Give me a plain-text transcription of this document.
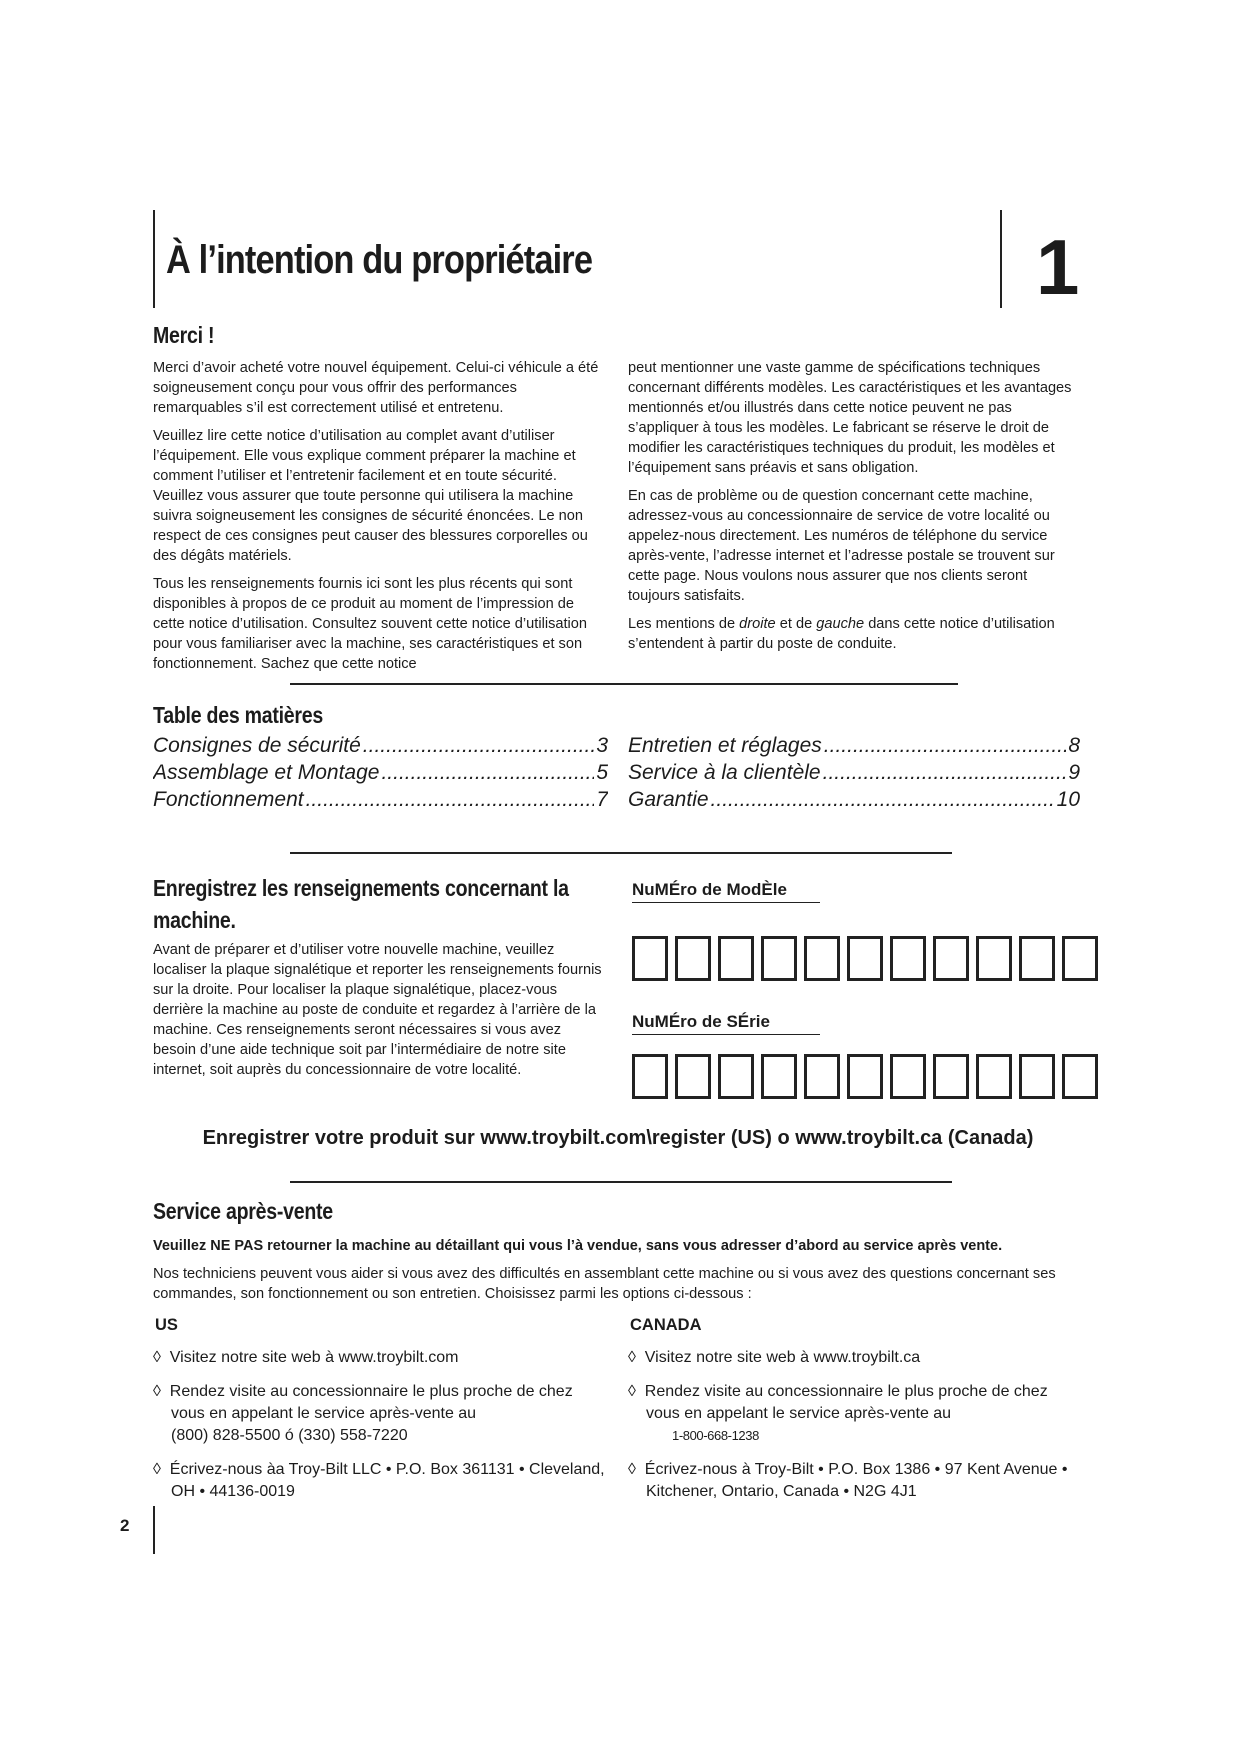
À l’intention du propriétaire	1
Merci !

Merci d’avoir acheté votre nouvel équipement. Celui-ci véhicule a été soigneusement conçu pour vous offrir des performances remarquables s’il est correctement utilisé et entretenu.

Veuillez lire cette notice d’utilisation au complet avant d’utiliser l’équipement. Elle vous explique comment préparer la machine et comment l’utiliser et l’entretenir facilement et en toute sécurité. Veuillez vous assurer que toute personne qui utilisera la machine suivra soigneusement les consignes de sécurité énoncées. Le non respect de ces consignes peut causer des blessures corporelles ou des dégâts matériels.

Tous les renseignements fournis ici sont les plus récents qui sont disponibles à propos de ce produit au moment de l’impression de cette notice d’utilisation. Consultez souvent cette notice d’utilisation pour vous familiariser avec la machine, ses caractéristiques et son fonctionnement. Sachez que cette notice

peut mentionner une vaste gamme de spécifications techniques concernant différents modèles. Les caractéristiques et les avantages mentionnés et/ou illustrés dans cette notice peuvent ne pas s’appliquer à tous les modèles. Le fabricant se réserve le droit de modifier les caractéristiques techniques du produit, les modèles et l’équipement sans préavis et sans obligation.

En cas de problème ou de question concernant cette machine, adressez-vous au concessionnaire de service de votre localité ou appelez-nous directement. Les numéros de téléphone du service après-vente, l’adresse internet et l’adresse postale se trouvent sur cette page. Nous voulons nous assurer que nos clients seront toujours satisfaits.

Les mentions de droite et de gauche dans cette notice d’utilisation s’entendent à partir du poste de conduite.

Table des matières
Consignes de sécurité .....	3
Assemblage et Montage .....	5
Fonctionnement .....	7
Entretien et réglages .....	8
Service à la clientèle .....	9
Garantie .....	10
Enregistrez les renseignements concernant la
machine.

Avant de préparer et d’utiliser votre nouvelle machine, veuillez localiser la plaque signalétique et reporter les renseignements fournis sur la droite. Pour localiser la plaque signalétique, placez-vous derrière la machine au poste de conduite et regardez à l’arrière de la machine. Ces renseignements seront nécessaires si vous avez besoin d’une aide technique soit par l’intermédiaire de notre site internet, soit auprès du concessionnaire de votre localité.

NuMÉro de ModÈle
NuMÉro de SÉrie
Enregistrer votre produit sur www.troybilt.com\register (US) o www.troybilt.ca (Canada)
Service après-vente
Veuillez NE PAS retourner la machine au détaillant qui vous l’à vendue, sans vous adresser d’abord au service après vente.

Nos techniciens peuvent vous aider si vous avez des difficultés en assemblant cette machine ou si vous avez des questions concernant ses commandes, son fonctionnement ou son entretien. Choisissez parmi les options ci-dessous :

US

◊ Visitez notre site web à www.troybilt.com

◊ Rendez visite au concessionnaire le plus proche de chez vous en appelant le service après-vente au
(800) 828-5500 ó (330) 558-7220

◊ Écrivez-nous àa Troy-Bilt LLC • P.O. Box 361131 • Cleveland, OH • 44136-0019

CANADA

◊ Visitez notre site web à www.troybilt.ca

◊ Rendez visite au concessionnaire le plus proche de chez vous en appelant le service après-vente au
1-800-668-1238

◊ Écrivez-nous à Troy-Bilt • P.O. Box 1386 • 97 Kent Avenue • Kitchener, Ontario, Canada • N2G 4J1

2
